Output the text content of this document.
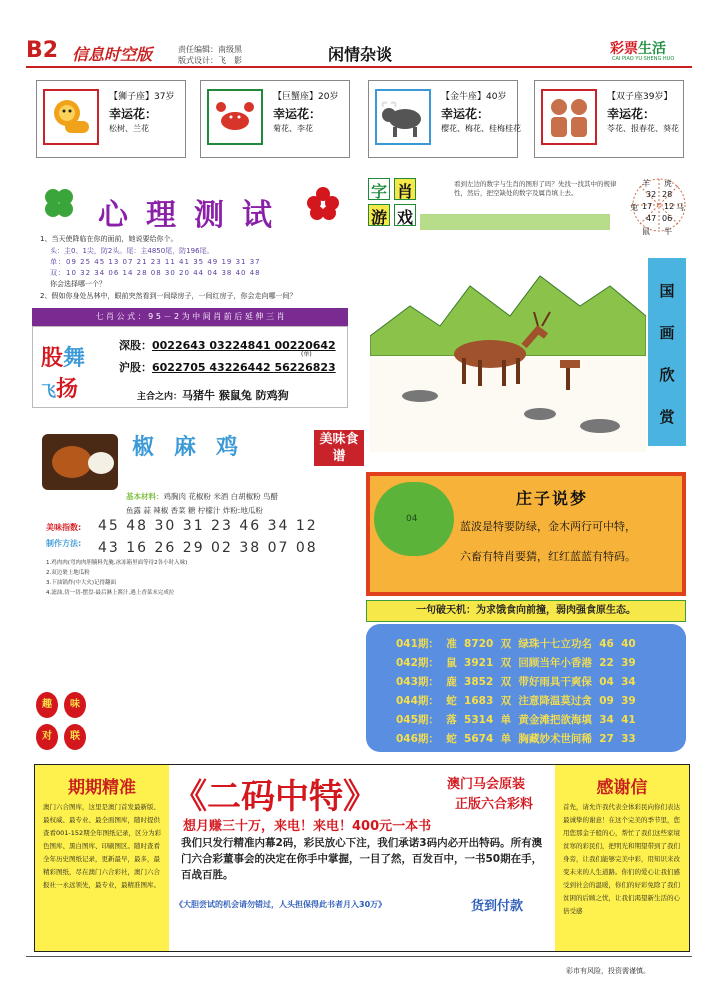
B2 信息时空版	责任编辑：南级黑
版式设计：飞　影	闲情杂谈	彩票生活
CAI PIAO YU SHENG HUO
【狮子座】37岁
幸运花：
松树、兰花
【巨蟹座】20岁
幸运花：
菊花、李花
【金牛座】40岁
幸运花：
樱花、梅花、桂梅桂花
【双子座39岁】
幸运花：
苓花、报春花、葵花
心理测试
1、当天使降临在你的面前，她说要给你个。
头：主0、1尖，防2头。尾：主4850尾，防196尾。
单：09 25 45 13 07 21 23 11 41 35 49 19 31 37
双：10 32 34 06 14 28 08 30 20 44 04 38 40 48
你会选择哪一个？
2、假如你身处丛林中，眼前突然看到一间绿房子，一间红房子，你会走向哪一间？
七 肖 公 式 ： 9 5 － 2 为 中 间 肖 前 后 延 伸 三 肖
股舞
飞扬
深股：0022643 03224841 00220642
(单)
沪股：6022705 43226442 56226823
主合之内：马猪牛 猴鼠兔 防鸡狗
椒麻鸡	美味食谱
基本材料：鸡胸肉 花椒粉 米酒 白胡椒粉 鸟醋
鱼露 蒜 辣椒 香菜 糖 柠檬汁 炸粉:地瓜粉
美味指数:
制作方法:
45 48 30 31 23 46 34 12
43 16 26 29 02 38 07 08
1.鸡肉肉(弯肉肉胆腩料先腌,冰冻箱里面等待2各小时入味)
2.双边裹上地瓜粉
3.下油锅炸(中大火)记得翻面
4.滤油,切一切-摆盘-最后淋上酱汁,遇上香菜末完成拉
字 肖
游 戏
看到左边的数字与生肖的图形了吗？先找一找其中的规律性，然后，把空缺处的数字及属肖填上去。
羊 虎
32 28
兔 17 12 马
47 06
鼠 牛
国
画
欣
赏
04
庄子说梦
蓝波是特要防绿，金木两行可中特，
六畜有特肖要猜，红红蓝蓝有特码。
一句破天机：为求饿食向前撞，弱肉强食原生态。
041期：  准  8720  双  绿珠十七立功名  46  40
042期：  鼠  3921  双  回顾当年小香港  22  39
043期：  鹿  3852  双  带好雨具干爽保  04  34
044期：  蛇  1683  双  注意降温莫过贪  09  39
045期：  落  5314  单  黄金滩把欲海填  34  41
046期：  蛇  5674  单  胸藏妙术世间稀  27  33
趣	味
对	联
期期精准
澳门六合图库，这里是澳门首发最新版、最权威、最专业、最全面图库，随时提供查看001-152期全年图纸记录，区分为彩色图库、黑白图库、印刷图区。随时查看全年历史图纸记录，更新最早，最多，最精彩图纸，尽在澳门六合彩社，澳门六合报社一永远领先，最专业，最精准图库。
感谢信
首先，请允许我代表全体彩民向你们表达最诚挚的谢意！在这个完美的季节里，您用您那金子般的心，帮忙了我们这些家境贫寒的彩民们，把明光和期望带到了我们身旁，让我们能够完美中彩，用知识来改变未来的人生道路。你们的爱心让我们感受到社会的温暖，你们的好彩免除了我们贫困的后顾之忧，让我们渴望新生活的心倍受感
《二码中特》	澳门马会原装
正版六合彩料
想月赚三十万，来电！来电！400元一本书
我们只发行精准内幕2码，彩民放心下注，我们承诺3码内必开出特码。所有澳门六合彩董事会的决定在你手中掌握，一目了然，百发百中，一书50期在手，百战百胜。
《大胆尝试的机会请勿错过，人头担保得此书者月入30万》	货到付款
彩市有风险，投资需谨慎。
